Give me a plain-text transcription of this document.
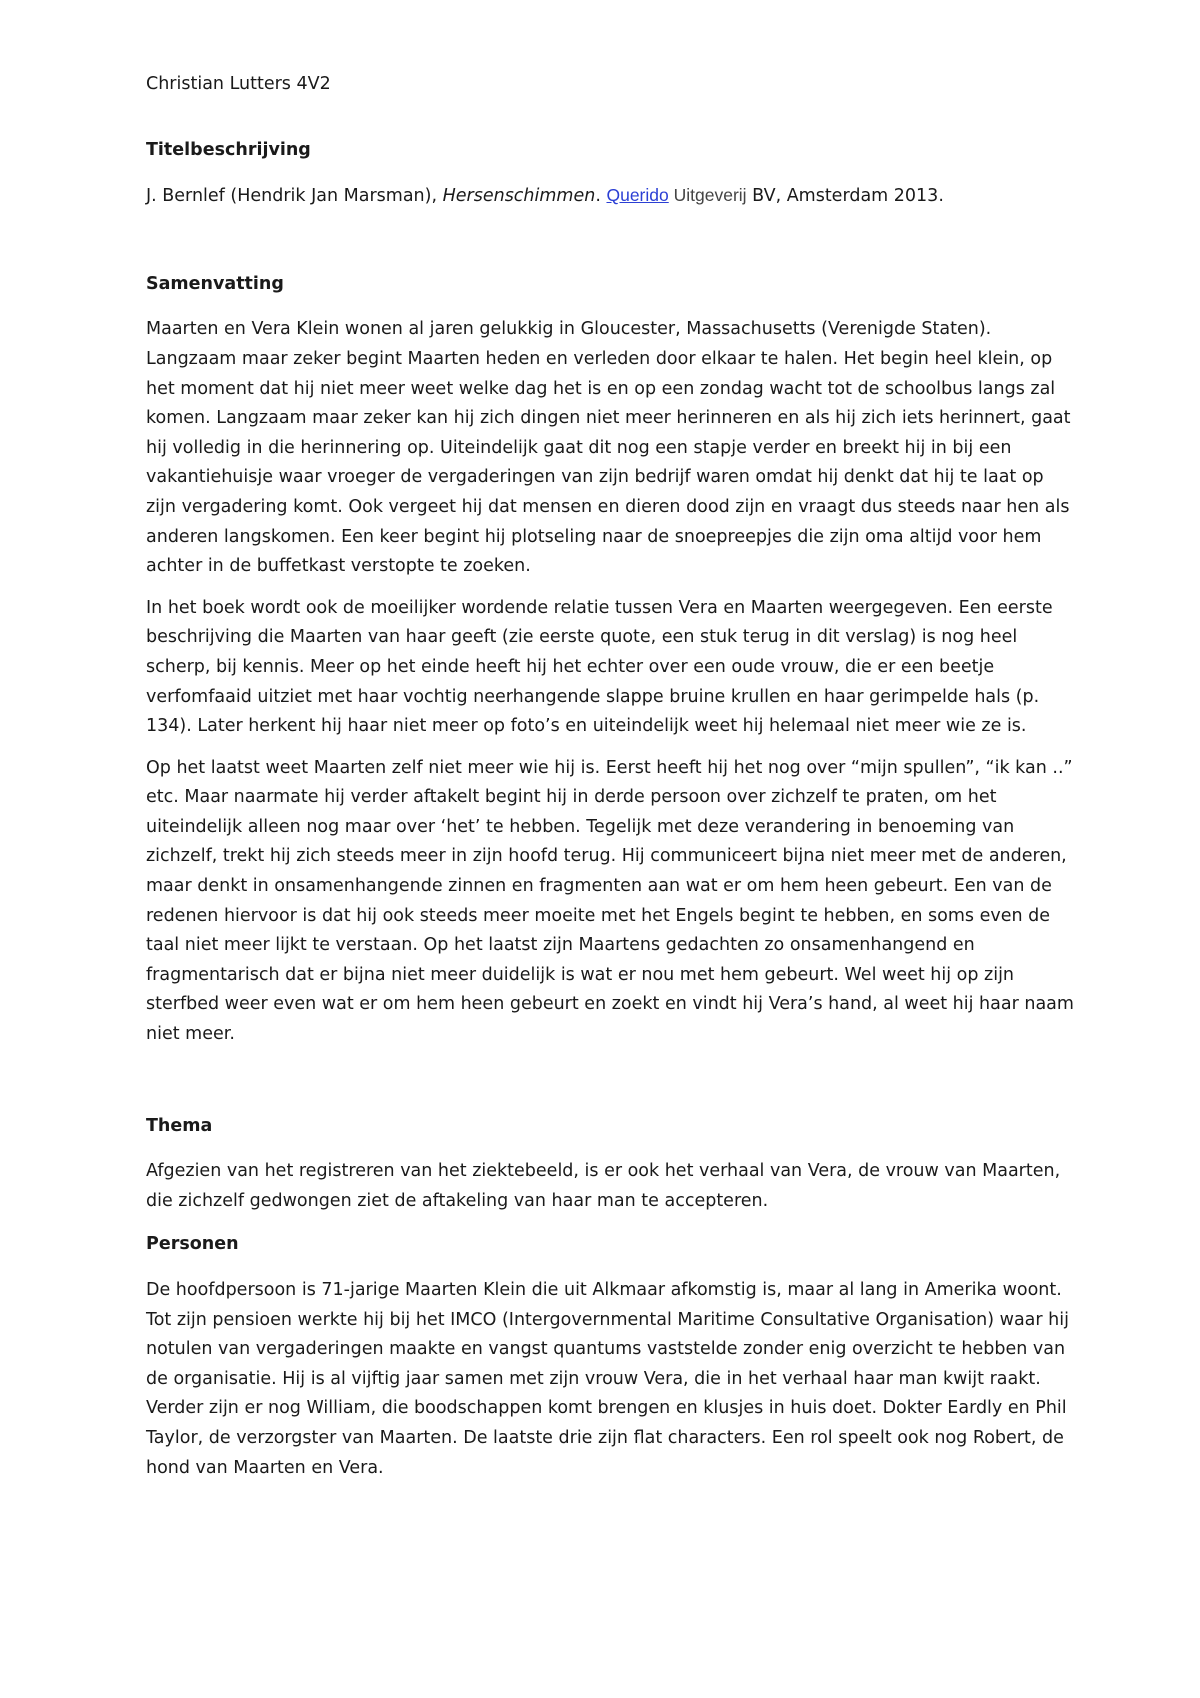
Christian Lutters 4V2

Titelbeschrijving

J. Bernlef (Hendrik Jan Marsman), Hersenschimmen. Querido Uitgeverij BV, Amsterdam 2013.

Samenvatting

Maarten en Vera Klein wonen al jaren gelukkig in Gloucester, Massachusetts (Verenigde Staten). Langzaam maar zeker begint Maarten heden en verleden door elkaar te halen. Het begin heel klein, op het moment dat hij niet meer weet welke dag het is en op een zondag wacht tot de schoolbus langs zal komen. Langzaam maar zeker kan hij zich dingen niet meer herinneren en als hij zich iets herinnert, gaat hij volledig in die herinnering op. Uiteindelijk gaat dit nog een stapje verder en breekt hij in bij een vakantiehuisje waar vroeger de vergaderingen van zijn bedrijf waren omdat hij denkt dat hij te laat op zijn vergadering komt. Ook vergeet hij dat mensen en dieren dood zijn en vraagt dus steeds naar hen als anderen langskomen. Een keer begint hij plotseling naar de snoepreepjes die zijn oma altijd voor hem achter in de buffetkast verstopte te zoeken.

In het boek wordt ook de moeilijker wordende relatie tussen Vera en Maarten weergegeven. Een eerste beschrijving die Maarten van haar geeft (zie eerste quote, een stuk terug in dit verslag) is nog heel scherp, bij kennis. Meer op het einde heeft hij het echter over een oude vrouw, die er een beetje verfomfaaid uitziet met haar vochtig neerhangende slappe bruine krullen en haar gerimpelde hals (p. 134). Later herkent hij haar niet meer op foto’s en uiteindelijk weet hij helemaal niet meer wie ze is.

Op het laatst weet Maarten zelf niet meer wie hij is. Eerst heeft hij het nog over “mijn spullen”, “ik kan ..” etc. Maar naarmate hij verder aftakelt begint hij in derde persoon over zichzelf te praten, om het uiteindelijk alleen nog maar over ‘het’ te hebben. Tegelijk met deze verandering in benoeming van zichzelf, trekt hij zich steeds meer in zijn hoofd terug. Hij communiceert bijna niet meer met de anderen, maar denkt in onsamenhangende zinnen en fragmenten aan wat er om hem heen gebeurt. Een van de redenen hiervoor is dat hij ook steeds meer moeite met het Engels begint te hebben, en soms even de taal niet meer lijkt te verstaan. Op het laatst zijn Maartens gedachten zo onsamenhangend en fragmentarisch dat er bijna niet meer duidelijk is wat er nou met hem gebeurt. Wel weet hij op zijn sterfbed weer even wat er om hem heen gebeurt en zoekt en vindt hij Vera’s hand, al weet hij haar naam niet meer.

Thema

Afgezien van het registreren van het ziektebeeld, is er ook het verhaal van Vera, de vrouw van Maarten, die zichzelf gedwongen ziet de aftakeling van haar man te accepteren.

Personen

De hoofdpersoon is 71-jarige Maarten Klein die uit Alkmaar afkomstig is, maar al lang in Amerika woont. Tot zijn pensioen werkte hij bij het IMCO (Intergovernmental Maritime Consultative Organisation) waar hij notulen van vergaderingen maakte en vangst quantums vaststelde zonder enig overzicht te hebben van de organisatie. Hij is al vijftig jaar samen met zijn vrouw Vera, die in het verhaal haar man kwijt raakt. Verder zijn er nog William, die boodschappen komt brengen en klusjes in huis doet. Dokter Eardly en Phil Taylor, de verzorgster van Maarten. De laatste drie zijn flat characters. Een rol speelt ook nog Robert, de hond van Maarten en Vera.
